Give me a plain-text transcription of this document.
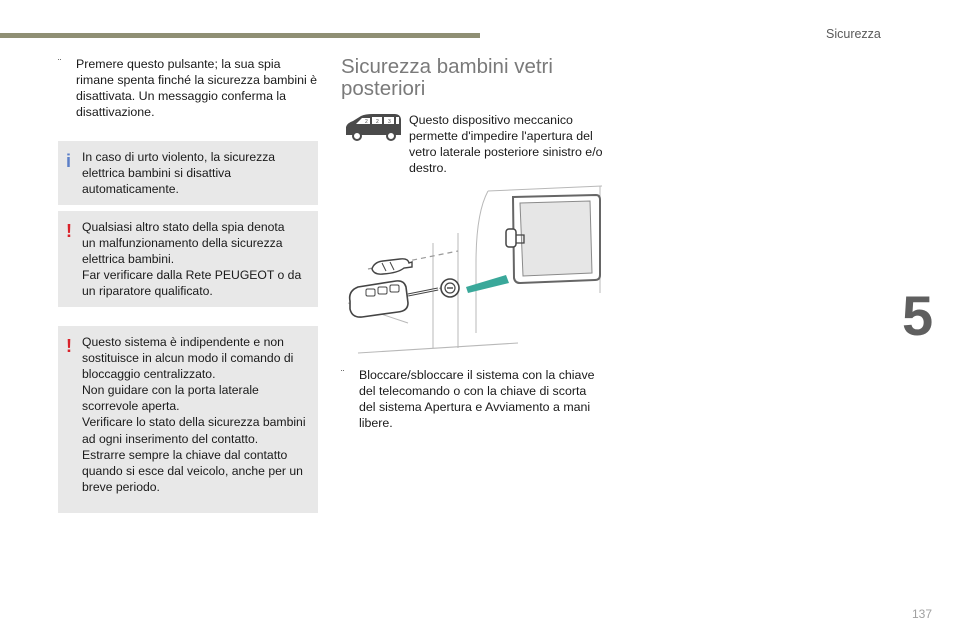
Sicurezza
5
137
¨ Premere questo pulsante; la sua spia rimane spenta finché la sicurezza bambini è disattivata. Un messaggio conferma la disattivazione.
i In caso di urto violento, la sicurezza
elettrica bambini si disattiva
automaticamente.
! Qualsiasi altro stato della spia denota
un malfunzionamento della sicurezza
elettrica bambini.
Far verificare dalla Rete PEUGEOT o da
un riparatore qualificato.
! Questo sistema è indipendente e non
sostituisce in alcun modo il comando di
bloccaggio centralizzato.
Non guidare con la porta laterale
scorrevole aperta.
Verificare lo stato della sicurezza bambini
ad ogni inserimento del contatto.
Estrarre sempre la chiave dal contatto
quando si esce dal veicolo, anche per un
breve periodo.
Sicurezza bambini vetri
posteriori
2 2 3 Questo dispositivo meccanico permette d'impedire l'apertura del vetro laterale posteriore sinistro e/o destro.
¨ Bloccare/sbloccare il sistema con la chiave del telecomando o con la chiave di scorta del sistema Apertura e Avviamento a mani libere.
